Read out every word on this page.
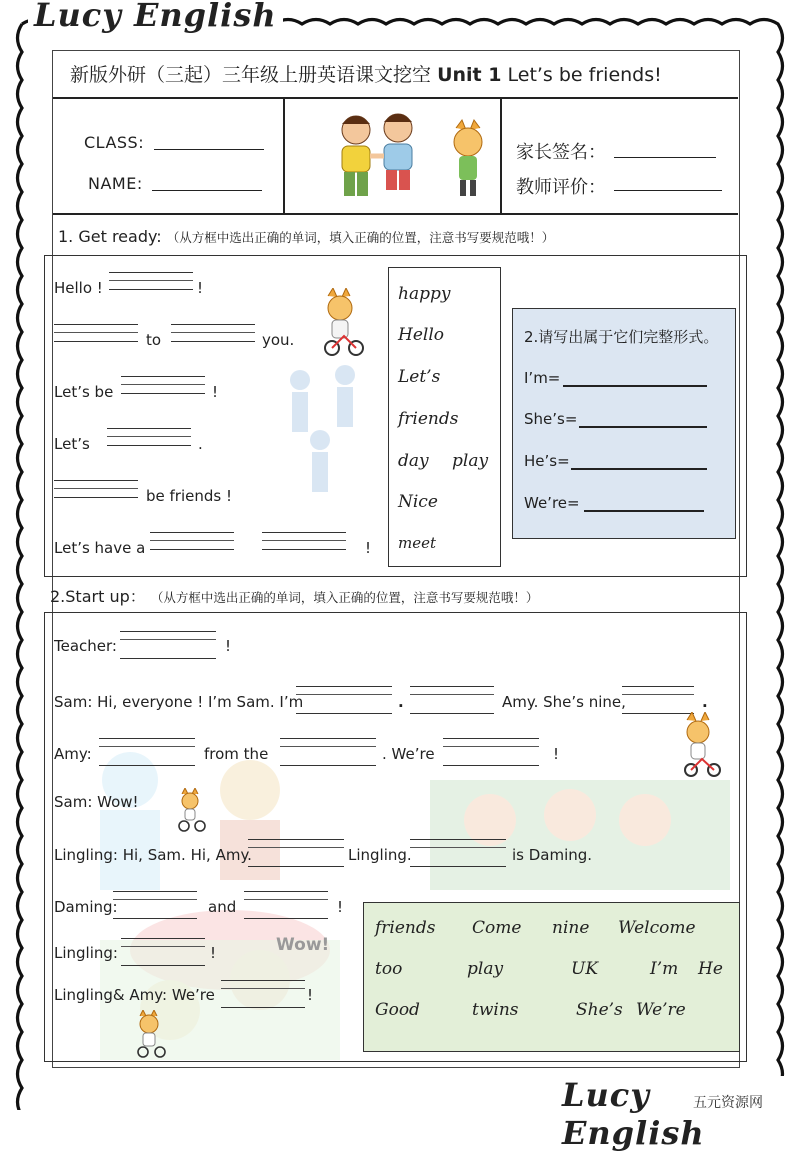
Lucy English
Lucy English
五元资源网
新版外研（三起）三年级上册英语课文挖空 Unit 1 Let’s be friends!
CLASS:
NAME:
家长签名：
教师评价：
1. Get ready: （从方框中选出正确的单词，填入正确的位置，注意书写要规范哦！）
Hello !	!
to	you.
Let’s be	!
Let’s	.
be friends !
Let’s have a	!
happy
Hello
Let’s
friends
day play
Nice
meet
2.请写出属于它们完整形式。
I’m=
She’s=
He’s=
We’re=
2.Start up： （从方框中选出正确的单词，填入正确的位置，注意书写要规范哦！）
Wow!
Teacher:	!
Sam: Hi, everyone ! I’m Sam. I’m	.	Amy. She’s nine,	.
Amy:	from the	. We’re	!
Sam: Wow!
Lingling: Hi, Sam. Hi, Amy.	Lingling.	is Daming.
Daming:	and	!
Lingling:	!
Lingling& Amy: We’re	!
friends Come nine Welcome
too	play	UK	I’m He
Good	twins	She’s We’re
